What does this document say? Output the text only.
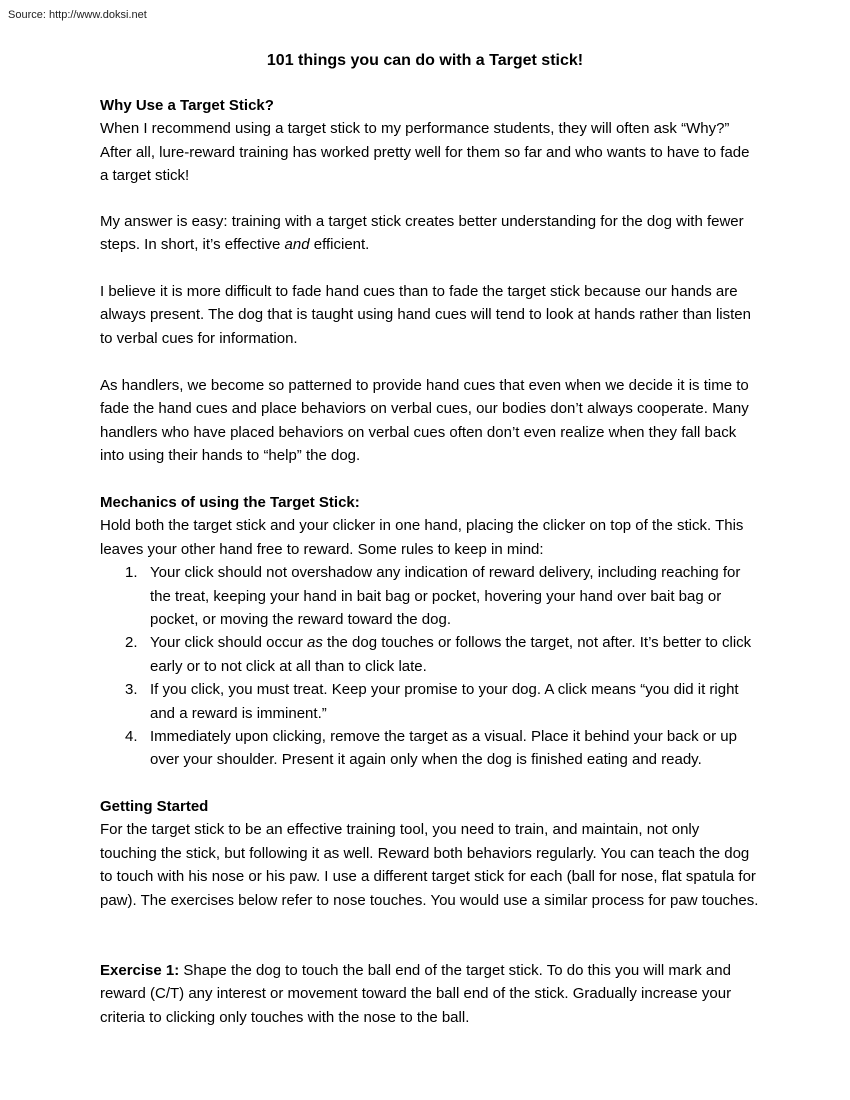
Source: http://www.doksi.net
101 things you can do with a Target stick!
Why Use a Target Stick?
When I recommend using a target stick to my performance students, they will often ask “Why?” After all, lure-reward training has worked pretty well for them so far and who wants to have to fade a target stick!
My answer is easy: training with a target stick creates better understanding for the dog with fewer steps. In short, it’s effective and efficient.
I believe it is more difficult to fade hand cues than to fade the target stick because our hands are always present. The dog that is taught using hand cues will tend to look at hands rather than listen to verbal cues for information.
As handlers, we become so patterned to provide hand cues that even when we decide it is time to fade the hand cues and place behaviors on verbal cues, our bodies don’t always cooperate. Many handlers who have placed behaviors on verbal cues often don’t even realize when they fall back into using their hands to “help” the dog.
Mechanics of using the Target Stick:
Hold both the target stick and your clicker in one hand, placing the clicker on top of the stick. This leaves your other hand free to reward. Some rules to keep in mind:
1. Your click should not overshadow any indication of reward delivery, including reaching for the treat, keeping your hand in bait bag or pocket, hovering your hand over bait bag or pocket, or moving the reward toward the dog.
2. Your click should occur as the dog touches or follows the target, not after. It’s better to click early or to not click at all than to click late.
3. If you click, you must treat. Keep your promise to your dog. A click means “you did it right and a reward is imminent.”
4. Immediately upon clicking, remove the target as a visual. Place it behind your back or up over your shoulder. Present it again only when the dog is finished eating and ready.
Getting Started
For the target stick to be an effective training tool, you need to train, and maintain, not only touching the stick, but following it as well. Reward both behaviors regularly. You can teach the dog to touch with his nose or his paw. I use a different target stick for each (ball for nose, flat spatula for paw). The exercises below refer to nose touches. You would use a similar process for paw touches.
Exercise 1: Shape the dog to touch the ball end of the target stick. To do this you will mark and reward (C/T) any interest or movement toward the ball end of the stick. Gradually increase your criteria to clicking only touches with the nose to the ball.
